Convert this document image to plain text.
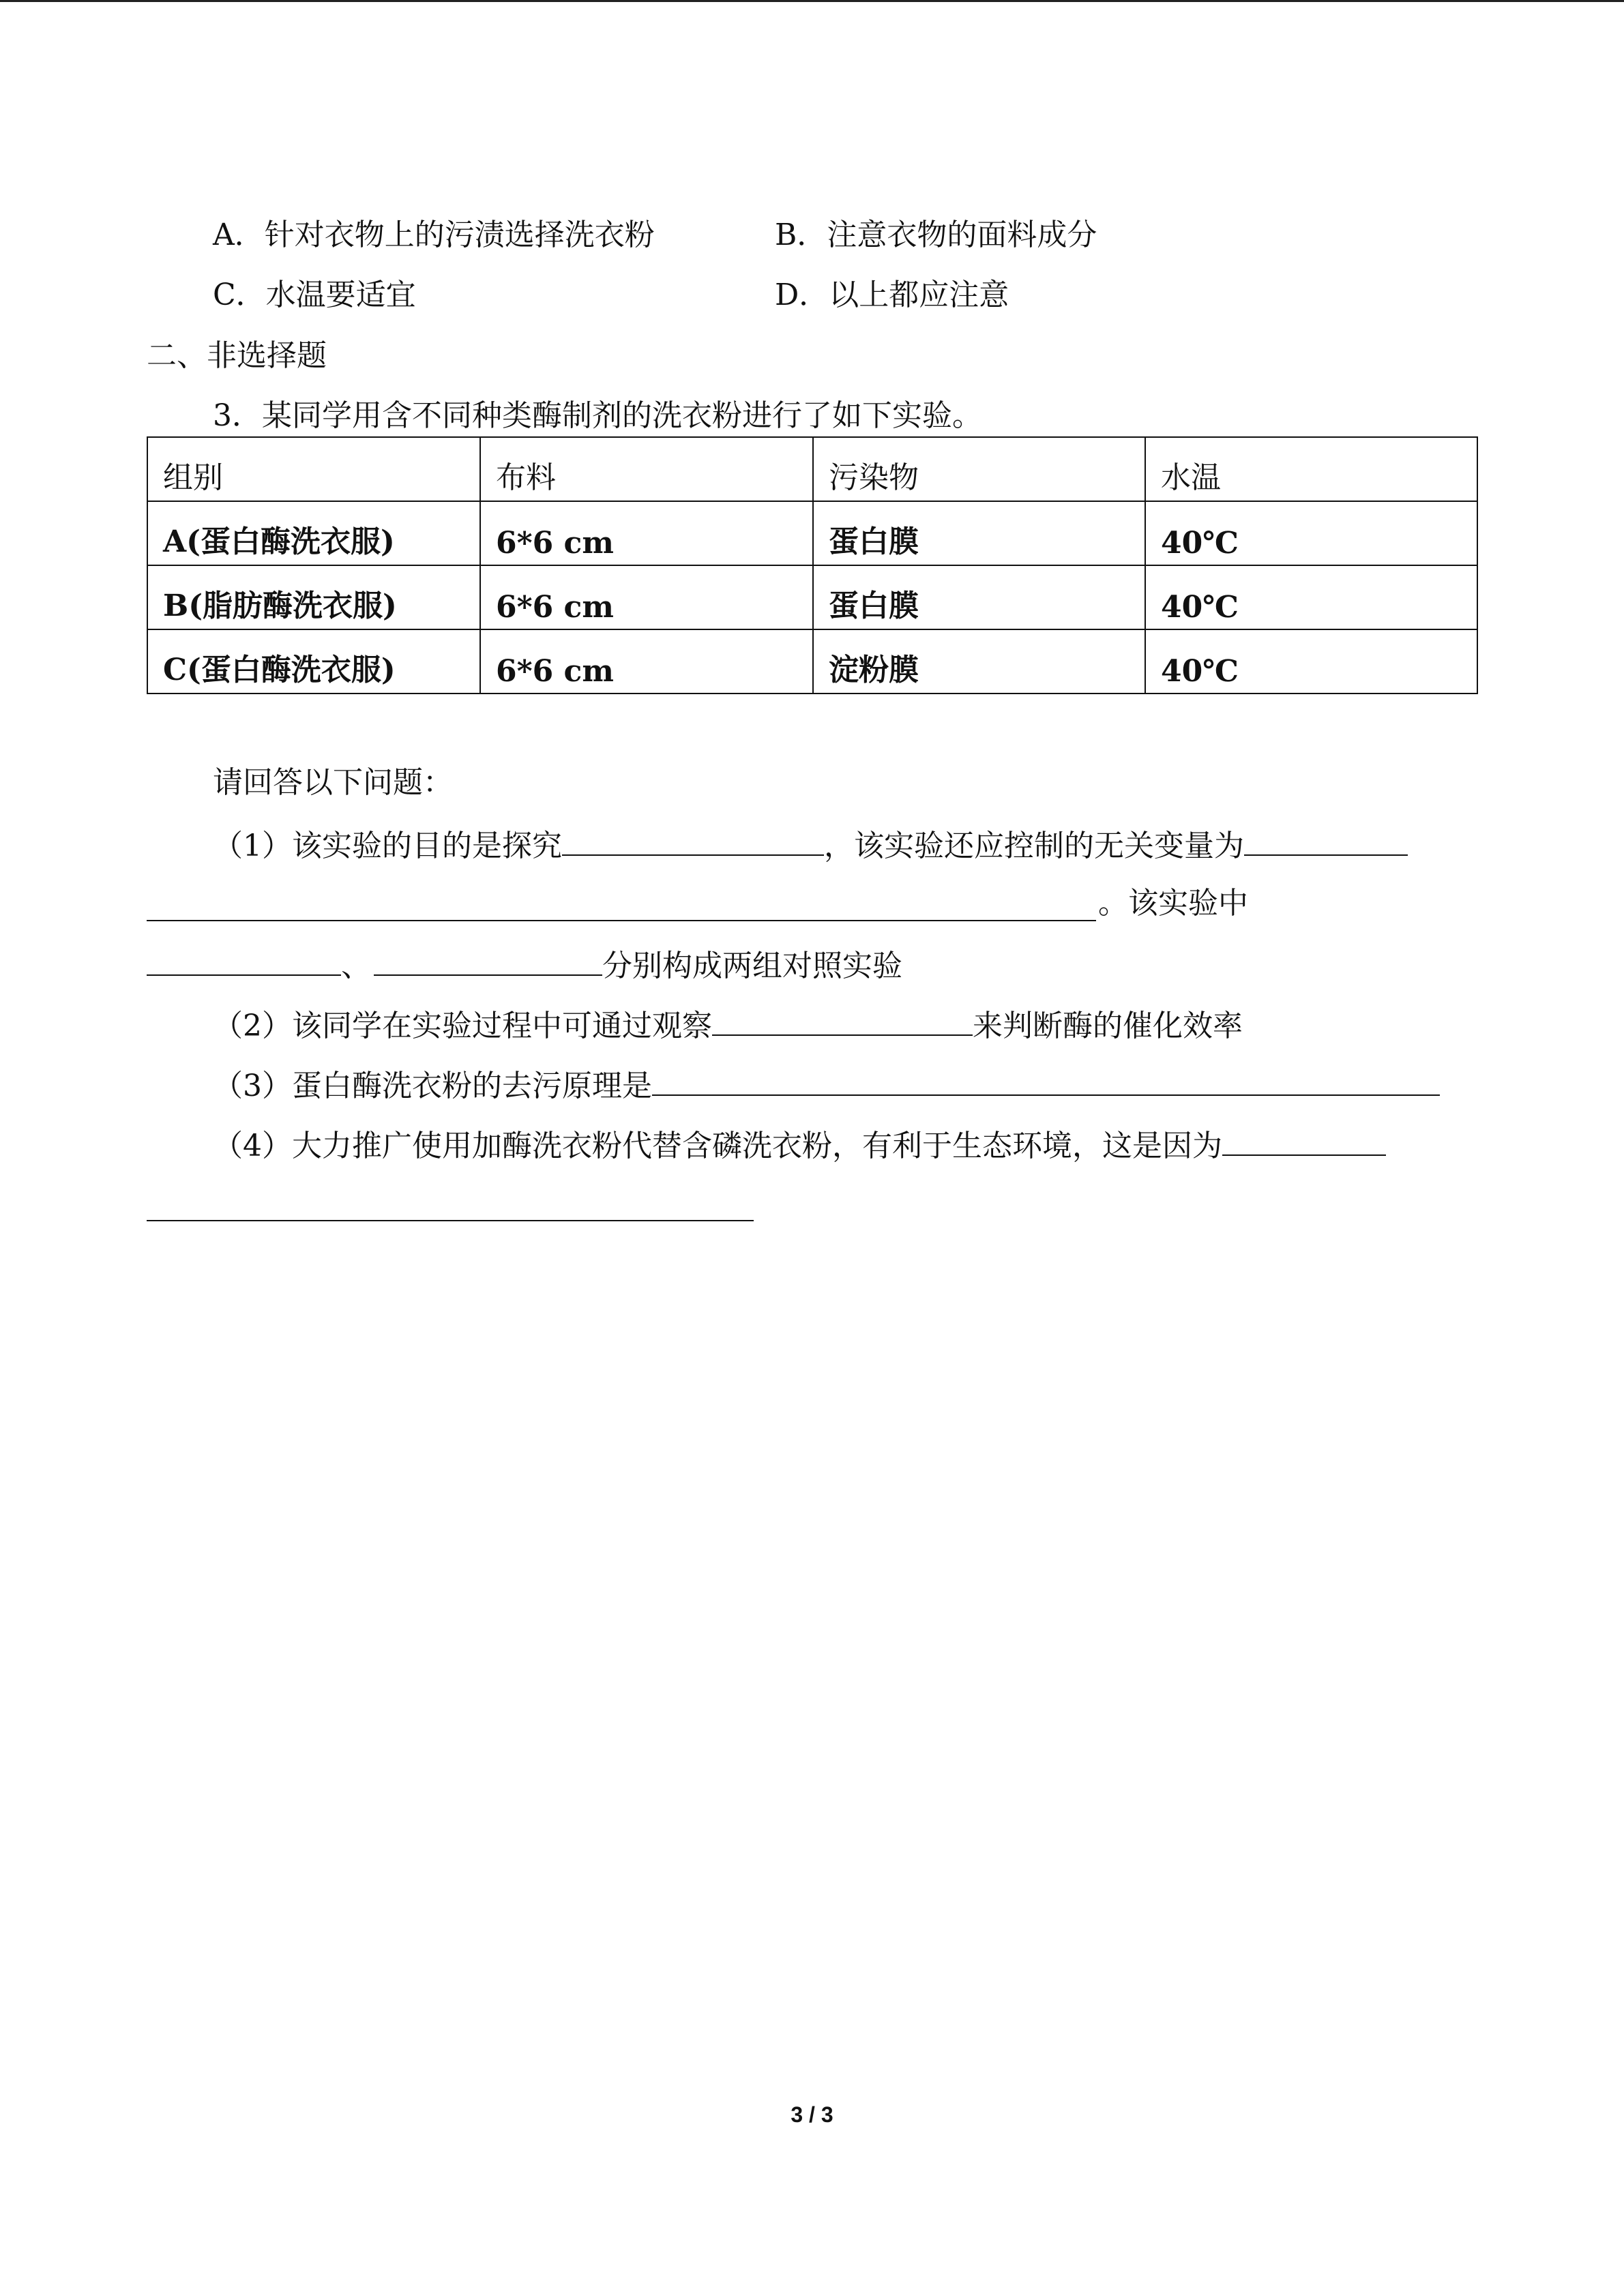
A．针对衣物上的污渍选择洗衣粉	B．注意衣物的面料成分
C．水温要适宜	D．以上都应注意
二、非选择题
3．某同学用含不同种类酶制剂的洗衣粉进行了如下实验。
组别	布料	污染物	水温
A(蛋白酶洗衣服)	6*6 cm	蛋白膜	40℃
B(脂肪酶洗衣服)	6*6 cm	蛋白膜	40℃
C(蛋白酶洗衣服)	6*6 cm	淀粉膜	40℃
请回答以下问题：
（1）该实验的目的是探究	，该实验还应控制的无关变量为
。该实验中
、	分别构成两组对照实验
（2）该同学在实验过程中可通过观察	来判断酶的催化效率
（3）蛋白酶洗衣粉的去污原理是
（4）大力推广使用加酶洗衣粉代替含磷洗衣粉，有利于生态环境，这是因为
3 / 3
